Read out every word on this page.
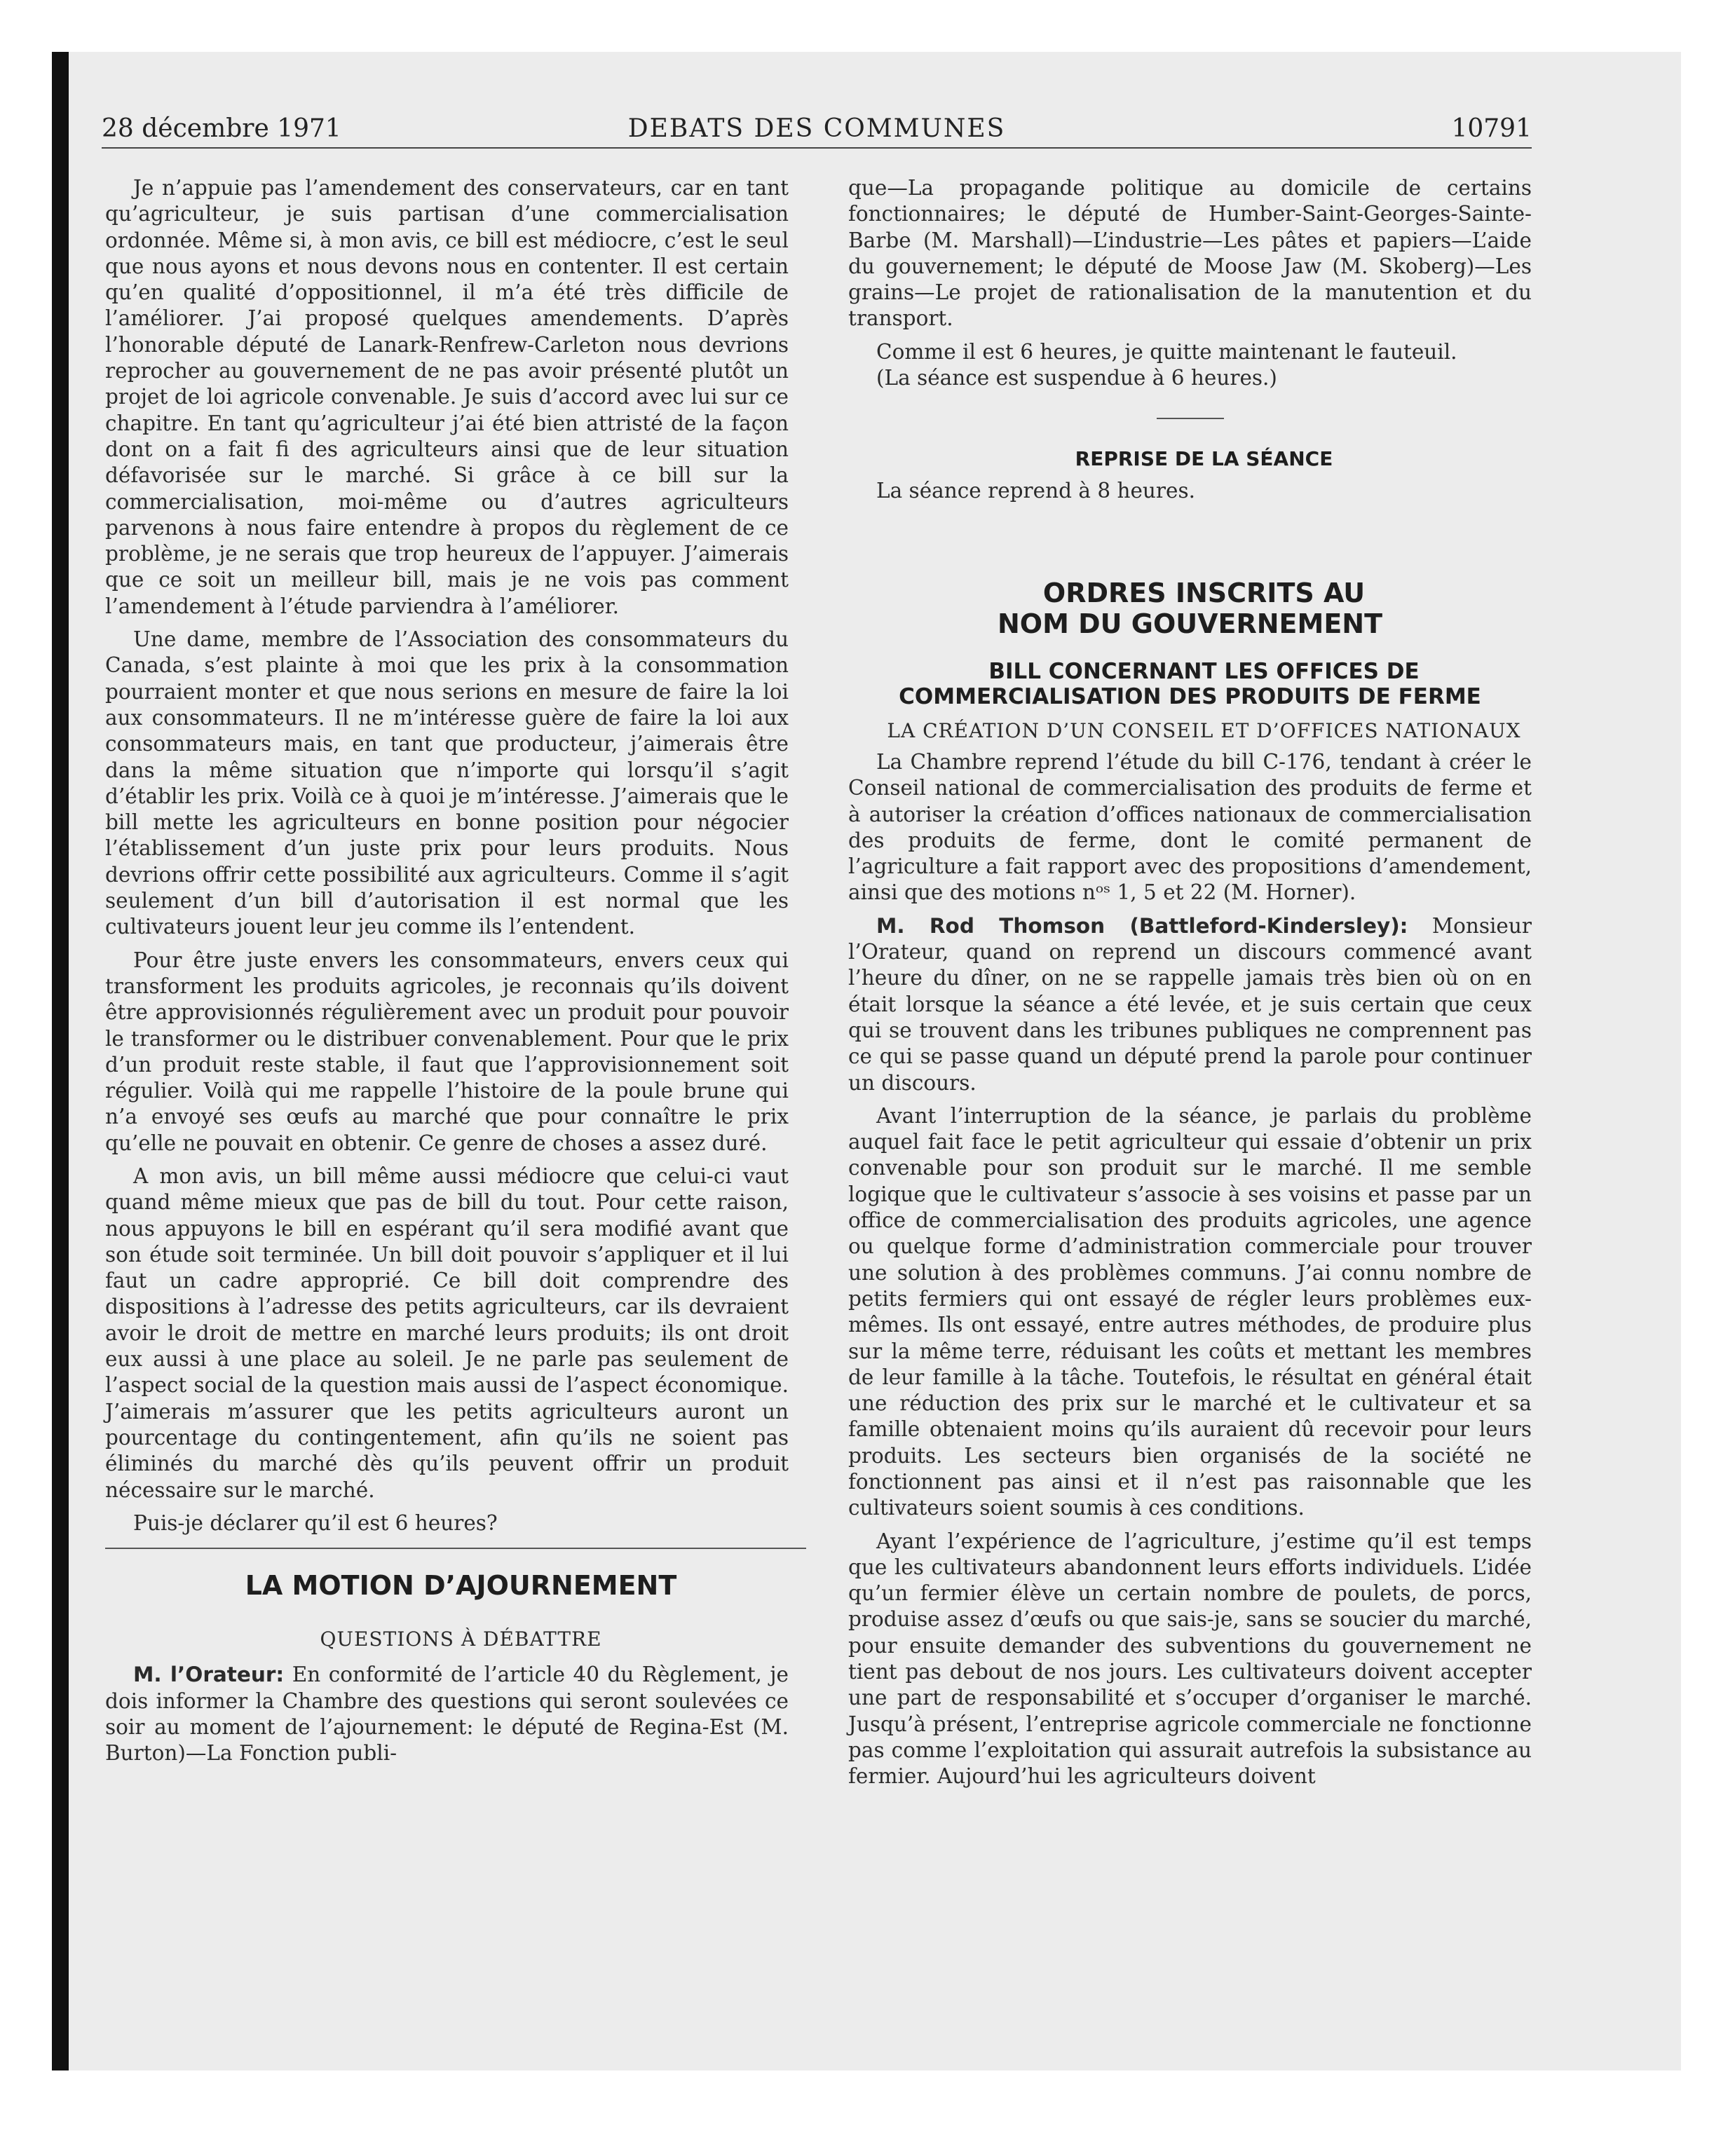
28 décembre 1971	DEBATS DES COMMUNES	10791

Je n’appuie pas l’amendement des conservateurs, car en tant qu’agriculteur, je suis partisan d’une commercialisation ordonnée. Même si, à mon avis, ce bill est médiocre, c’est le seul que nous ayons et nous devons nous en contenter. Il est certain qu’en qualité d’oppositionnel, il m’a été très difficile de l’améliorer. J’ai proposé quelques amendements. D’après l’honorable député de Lanark-Renfrew-Carleton nous devrions reprocher au gouvernement de ne pas avoir présenté plutôt un projet de loi agricole convenable. Je suis d’accord avec lui sur ce chapitre. En tant qu’agriculteur j’ai été bien attristé de la façon dont on a fait fi des agriculteurs ainsi que de leur situation défavorisée sur le marché. Si grâce à ce bill sur la commercialisation, moi-même ou d’autres agriculteurs parvenons à nous faire entendre à propos du règlement de ce problème, je ne serais que trop heureux de l’appuyer. J’aimerais que ce soit un meilleur bill, mais je ne vois pas comment l’amendement à l’étude parviendra à l’améliorer.

Une dame, membre de l’Association des consommateurs du Canada, s’est plainte à moi que les prix à la consommation pourraient monter et que nous serions en mesure de faire la loi aux consommateurs. Il ne m’intéresse guère de faire la loi aux consommateurs mais, en tant que producteur, j’aimerais être dans la même situation que n’importe qui lorsqu’il s’agit d’établir les prix. Voilà ce à quoi je m’intéresse. J’aimerais que le bill mette les agriculteurs en bonne position pour négocier l’établissement d’un juste prix pour leurs produits. Nous devrions offrir cette possibilité aux agriculteurs. Comme il s’agit seulement d’un bill d’autorisation il est normal que les cultivateurs jouent leur jeu comme ils l’entendent.

Pour être juste envers les consommateurs, envers ceux qui transforment les produits agricoles, je reconnais qu’ils doivent être approvisionnés régulièrement avec un produit pour pouvoir le transformer ou le distribuer convenablement. Pour que le prix d’un produit reste stable, il faut que l’approvisionnement soit régulier. Voilà qui me rappelle l’histoire de la poule brune qui n’a envoyé ses œufs au marché que pour connaître le prix qu’elle ne pouvait en obtenir. Ce genre de choses a assez duré.

A mon avis, un bill même aussi médiocre que celui-ci vaut quand même mieux que pas de bill du tout. Pour cette raison, nous appuyons le bill en espérant qu’il sera modifié avant que son étude soit terminée. Un bill doit pouvoir s’appliquer et il lui faut un cadre approprié. Ce bill doit comprendre des dispositions à l’adresse des petits agriculteurs, car ils devraient avoir le droit de mettre en marché leurs produits; ils ont droit eux aussi à une place au soleil. Je ne parle pas seulement de l’aspect social de la question mais aussi de l’aspect économique. J’aimerais m’assurer que les petits agriculteurs auront un pourcentage du contingentement, afin qu’ils ne soient pas éliminés du marché dès qu’ils peuvent offrir un produit nécessaire sur le marché.

Puis-je déclarer qu’il est 6 heures?

LA MOTION D’AJOURNEMENT

QUESTIONS À DÉBATTRE

M. l’Orateur: En conformité de l’article 40 du Règlement, je dois informer la Chambre des questions qui seront soulevées ce soir au moment de l’ajournement: le député de Regina-Est (M. Burton)—La Fonction publi-

que—La propagande politique au domicile de certains fonctionnaires; le député de Humber-Saint-Georges-Sainte-Barbe (M. Marshall)—L’industrie—Les pâtes et papiers—L’aide du gouvernement; le député de Moose Jaw (M. Skoberg)—Les grains—Le projet de rationalisation de la manutention et du transport.

Comme il est 6 heures, je quitte maintenant le fauteuil.

(La séance est suspendue à 6 heures.)

REPRISE DE LA SÉANCE

La séance reprend à 8 heures.

ORDRES INSCRITS AU NOM DU GOUVERNEMENT

BILL CONCERNANT LES OFFICES DE COMMERCIALISATION DES PRODUITS DE FERME

LA CRÉATION D’UN CONSEIL ET D’OFFICES NATIONAUX

La Chambre reprend l’étude du bill C-176, tendant à créer le Conseil national de commercialisation des produits de ferme et à autoriser la création d’offices nationaux de commercialisation des produits de ferme, dont le comité permanent de l’agriculture a fait rapport avec des propositions d’amendement, ainsi que des motions nᵒˢ 1, 5 et 22 (M. Horner).

M. Rod Thomson (Battleford-Kindersley): Monsieur l’Orateur, quand on reprend un discours commencé avant l’heure du dîner, on ne se rappelle jamais très bien où on en était lorsque la séance a été levée, et je suis certain que ceux qui se trouvent dans les tribunes publiques ne comprennent pas ce qui se passe quand un député prend la parole pour continuer un discours.

Avant l’interruption de la séance, je parlais du problème auquel fait face le petit agriculteur qui essaie d’obtenir un prix convenable pour son produit sur le marché. Il me semble logique que le cultivateur s’associe à ses voisins et passe par un office de commercialisation des produits agricoles, une agence ou quelque forme d’administration commerciale pour trouver une solution à des problèmes communs. J’ai connu nombre de petits fermiers qui ont essayé de régler leurs problèmes eux-mêmes. Ils ont essayé, entre autres méthodes, de produire plus sur la même terre, réduisant les coûts et mettant les membres de leur famille à la tâche. Toutefois, le résultat en général était une réduction des prix sur le marché et le cultivateur et sa famille obtenaient moins qu’ils auraient dû recevoir pour leurs produits. Les secteurs bien organisés de la société ne fonctionnent pas ainsi et il n’est pas raisonnable que les cultivateurs soient soumis à ces conditions.

Ayant l’expérience de l’agriculture, j’estime qu’il est temps que les cultivateurs abandonnent leurs efforts individuels. L’idée qu’un fermier élève un certain nombre de poulets, de porcs, produise assez d’œufs ou que sais-je, sans se soucier du marché, pour ensuite demander des subventions du gouvernement ne tient pas debout de nos jours. Les cultivateurs doivent accepter une part de responsabilité et s’occuper d’organiser le marché. Jusqu’à présent, l’entreprise agricole commerciale ne fonctionne pas comme l’exploitation qui assurait autrefois la subsistance au fermier. Aujourd’hui les agriculteurs doivent
